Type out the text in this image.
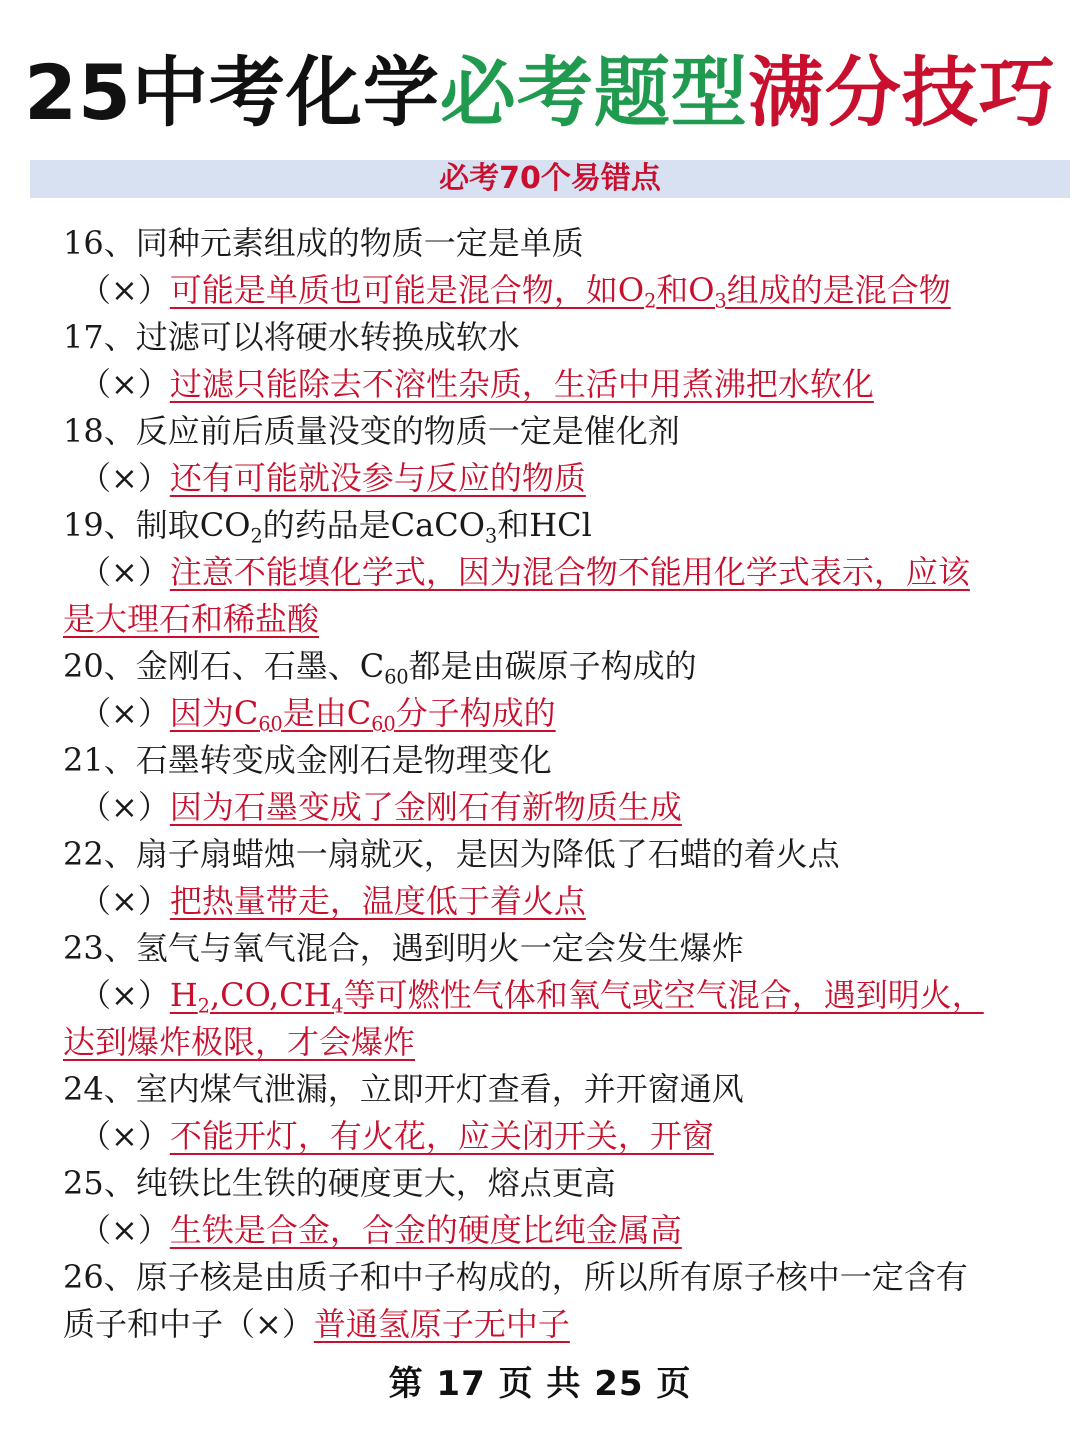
25中考化学必考题型满分技巧
必考70个易错点
16、同种元素组成的物质一定是单质
（×）可能是单质也可能是混合物，如$O_2$和$O_3$组成的是混合物
17、过滤可以将硬水转换成软水
（×）过滤只能除去不溶性杂质，生活中用煮沸把水软化
18、反应前后质量没变的物质一定是催化剂
（×）还有可能就没参与反应的物质
19、制取$CO_2$的药品是CaCO$_3$和HCl
（×）注意不能填化学式，因为混合物不能用化学式表示，应该
是大理石和稀盐酸
20、金刚石、石墨、$C_{60}$都是由碳原子构成的
（×）因为$C_{60}$是由$C_{60}$分子构成的
21、石墨转变成金刚石是物理变化
（×）因为石墨变成了金刚石有新物质生成
22、扇子扇蜡烛一扇就灭，是因为降低了石蜡的着火点
（×）把热量带走，温度低于着火点
23、氢气与氧气混合，遇到明火一定会发生爆炸
$(\times)H_2,CO,CH_4$等可燃性气体和氧气或空气混合，遇到明火，
达到爆炸极限，才会爆炸
24、室内煤气泄漏，立即开灯查看，并开窗通风
（×）不能开灯，有火花，应关闭开关，开窗
25、纯铁比生铁的硬度更大，熔点更高
（×）生铁是合金，合金的硬度比纯金属高
26、原子核是由质子和中子构成的，所以所有原子核中一定含有
质子和中子（×）普通氢原子无中子
第 17 页 共 25 页
